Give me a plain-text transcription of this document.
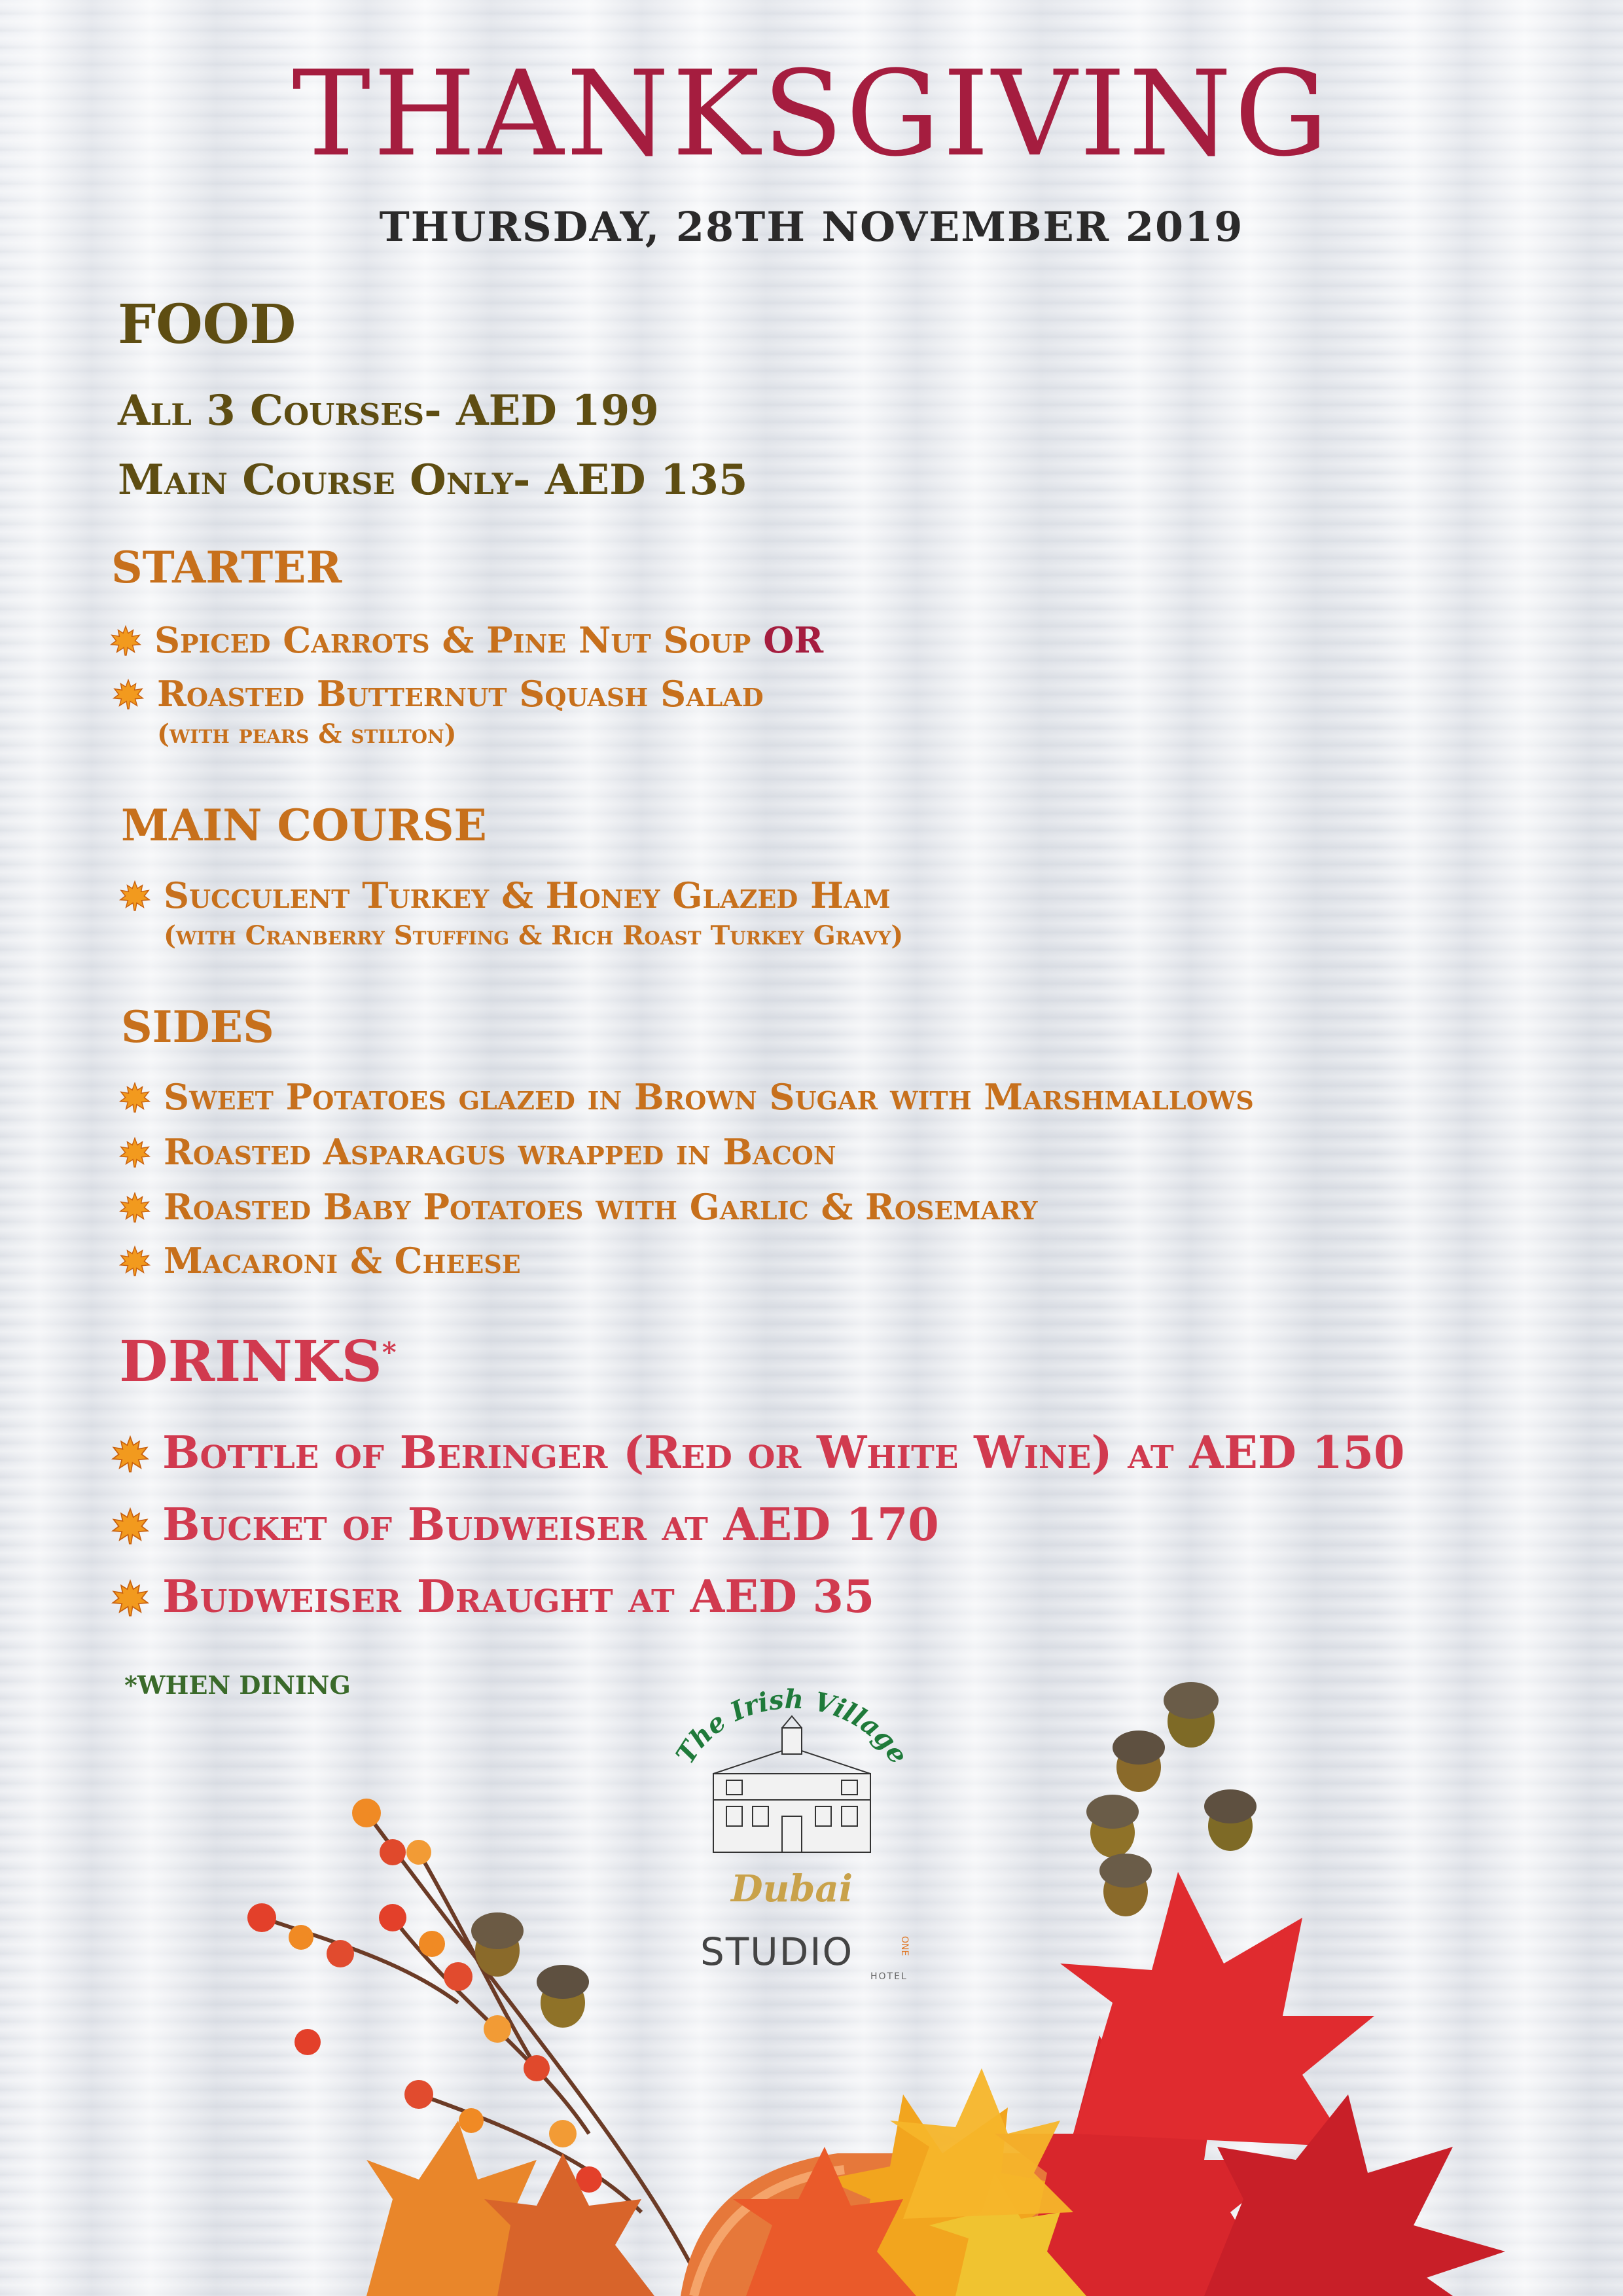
THANKSGIVING
THURSDAY, 28TH NOVEMBER 2019
FOOD
All 3 Courses- AED 199
Main Course Only- AED 135
STARTER
Spiced Carrots & Pine Nut Soup OR
Roasted Butternut Squash Salad
(with pears & stilton)
MAIN COURSE
Succulent Turkey & Honey Glazed Ham
(with Cranberry Stuffing & Rich Roast Turkey Gravy)
SIDES
Sweet Potatoes glazed in Brown Sugar with Marshmallows
Roasted Asparagus wrapped in Bacon
Roasted Baby Potatoes with Garlic & Rosemary
Macaroni & Cheese
DRINKS*
Bottle of Beringer (Red or White Wine) at AED 150
Bucket of Budweiser at AED 170
Budweiser Draught at AED 35
*WHEN DINING
The Irish Village
Dubai
STUDIO	ONE
HOTEL
